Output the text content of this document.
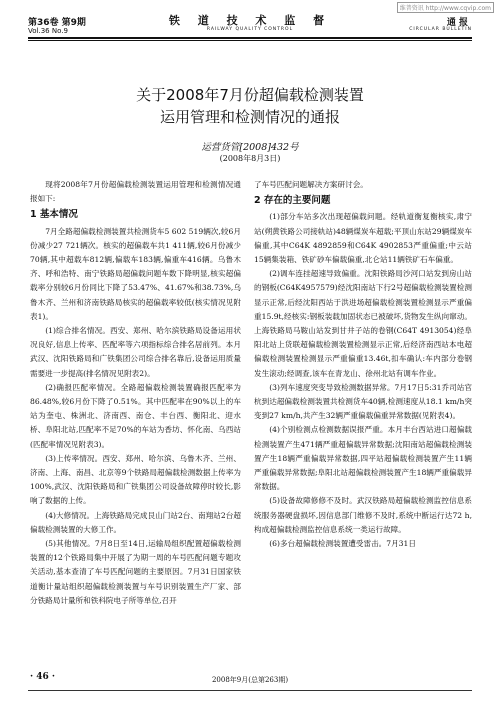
维普资讯 http://www.cqvip.com
第36卷 第9期
Vol.36 No.9
铁 道 技 术 监 督
RAILWAY QUALITY CONTROL
通 报
CIRCULAR BULLETIN
关于2008年7月份超偏载检测装置
运用管理和检测情况的通报
运营货管[2008]432号
(2008年8月3日)

现将2008年7月份超偏载检测装置运用管理和检测情况通报如下:

1 基本情况

7月全路超偏载检测装置共检测货车5 602 519辆次,较6月份减少27 721辆次。核实的超偏载车共1 411辆,较6月份减少70辆,其中超载车812辆,偏载车183辆,偏重车416辆。乌鲁木齐、呼和浩特、南宁铁路局超偏载问题车数下降明显,核实超偏载率分别较6月份同比下降了53.47%、41.67%和38.73%,乌鲁木齐、兰州和济南铁路局核实的超偏载率较低(核实情况见附表1)。

(1)综合排名情况。西安、郑州、哈尔滨铁路局设备运用状况良好,信息上传率、匹配率等六项指标综合排名居前列。本月武汉、沈阳铁路局和广铁集团公司综合排名靠后,设备运用质量需要进一步提高(排名情况见附表2)。

(2)确报匹配率情况。全路超偏载检测装置确报匹配率为86.48%,较6月份下降了0.51%。其中匹配率在90%以上的车站为奎屯、株洲北、济南西、南仓、丰台西、衡阳北、迎水桥、阜阳北站,匹配率不足70%的车站为香坊、怀化南、乌西站(匹配率情况见附表3)。

(3)上传率情况。西安、郑州、哈尔滨、乌鲁木齐、兰州、济南、上海、南昌、北京等9个铁路局超偏载检测数据上传率为100%,武汉、沈阳铁路局和广铁集团公司设备故障停时较长,影响了数据的上传。

(4)大修情况。上海铁路局完成艮山门站2台、南翔站2台超偏载检测装置的大修工作。

(5)其他情况。7月8日至14日,运输局组织配置超偏载检测装置的12个铁路局集中开展了为期一周的车号匹配问题专题攻关活动,基本查清了车号匹配问题的主要原因。7月31日国家铁道衡计量站组织超偏载检测装置与车号识别装置生产厂家、部分铁路局计量所和铁科院电子所等单位,召开

了车号匹配问题解决方案研讨会。

2 存在的主要问题

(1)部分车站多次出现超偏载问题。经轨道衡复衡核实,肃宁站(朔黄铁路公司接轨站)48辆煤炭车超载;平顶山东站29辆煤炭车偏重,其中C64K 4892859和C64K 4902853严重偏重;中云站15辆集装箱、铁矿砂车偏载偏重,北仑站11辆铁矿石车偏重。

(2)调车连挂超速导致偏重。沈阳铁路局沙河口站发到房山站的钢板(C64K4957579)经沈阳南站下行2号超偏载检测装置检测显示正常,后经沈阳西站于洪进场超偏载检测装置检测显示严重偏重15.9t,经核实:钢板装载加固状态已被破坏,货物发生纵向窜动。上海铁路局马鞍山站发到甘井子站的卷钢(C64T 4913054)经阜阳北站上货联超偏载检测装置检测显示正常,后经济南西站本电超偏载检测装置检测显示严重偏重13.46t,扣车确认:车内部分卷钢发生滚动;经调查,该车在青龙山、徐州北站有调车作业。

(3)列车速度突变导致检测数据异常。7月17日5:31乔司站官杭到达超偏载检测装置共检测货车40辆,检测速度从18.1 km/h突变到27 km/h,共产生32辆严重偏载偏重异常数据(见附表4)。

(4)个别检测点检测数据误报严重。本月丰台西站进口超偏载检测装置产生471辆严重超偏载异常数据;沈阳南站超偏载检测装置产生18辆严重偏载异常数据,四平站超偏载检测装置产生11辆严重偏载异常数据;阜阳北站超偏载检测装置产生18辆严重偏载异常数据。

(5)设备故障修修不及时。武汉铁路局超偏载检测监控信息系统服务器硬盘损坏,因信息部门维修不及时,系统中断运行达72 h,构成超偏载检测监控信息系统一类运行故障。

(6)多台超偏载检测装置遭受雷击。7月31日

· 46 ·	2008年9月(总第263期)
